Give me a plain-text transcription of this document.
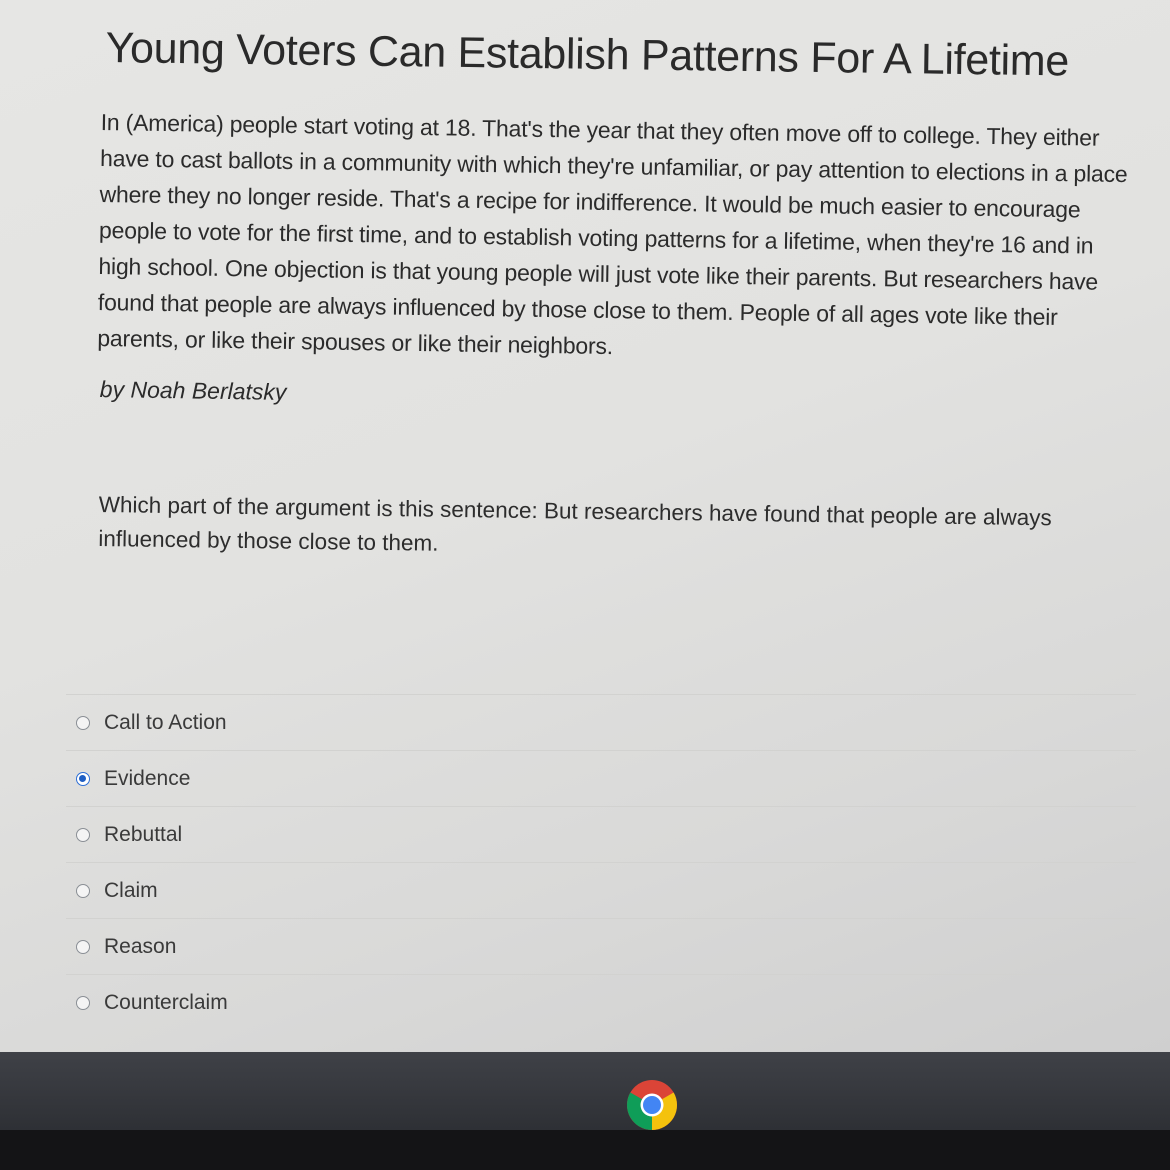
Young Voters Can Establish Patterns For A Lifetime

In (America) people start voting at 18. That's the year that they often move off to college. They either have to cast ballots in a community with which they're unfamiliar, or pay attention to elections in a place where they no longer reside. That's a recipe for indifference. It would be much easier to encourage people to vote for the first time, and to establish voting patterns for a lifetime, when they're 16 and in high school. One objection is that young people will just vote like their parents. But researchers have found that people are always influenced by those close to them. People of all ages vote like their parents, or like their spouses or like their neighbors.

by Noah Berlatsky

Which part of the argument is this sentence: But researchers have found that people are always influenced by those close to them.

Call to Action
Evidence
Rebuttal
Claim
Reason
Counterclaim
